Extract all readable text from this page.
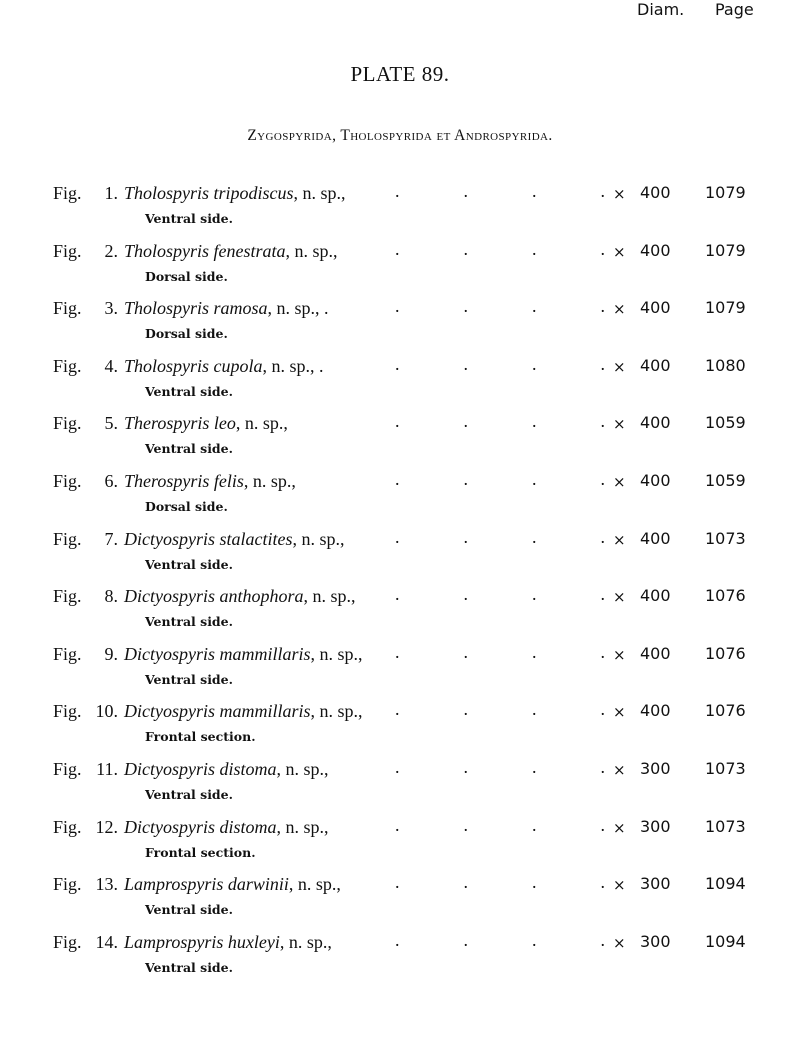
PLATE 89.
Zygospyrida, Tholospyrida et Androspyrida.
Diam. Page
Fig.	1. Tholospyris tripodiscus, n. sp.,	.	.	.	. × 400 1079
Ventral side.
Fig.	2. Tholospyris fenestrata, n. sp.,	.	.	.	. × 400 1079
Dorsal side.
Fig.	3. Tholospyris ramosa, n. sp., .	.	.	.	. × 400 1079
Dorsal side.
Fig.	4. Tholospyris cupola, n. sp., .	.	.	.	. × 400 1080
Ventral side.
Fig.	5. Therospyris leo, n. sp.,	.	.	.	. × 400 1059
Ventral side.
Fig.	6. Therospyris felis, n. sp.,	.	.	.	. × 400 1059
Dorsal side.
Fig.	7. Dictyospyris stalactites, n. sp.,	.	.	.	. × 400 1073
Ventral side.
Fig.	8. Dictyospyris anthophora, n. sp., .	.	.	. × 400 1076
Ventral side.
Fig.	9. Dictyospyris mammillaris, n. sp., .	.	.	. × 400 1076
Ventral side.
Fig. 10. Dictyospyris mammillaris, n. sp., .	.	.	. × 400 1076
Frontal section.
Fig. 11. Dictyospyris distoma, n. sp.,	.	.	.	. × 300 1073
Ventral side.
Fig. 12. Dictyospyris distoma, n. sp.,	.	.	.	. × 300 1073
Frontal section.
Fig. 13. Lamprospyris darwinii, n. sp.,	.	.	.	. × 300 1094
Ventral side.
Fig. 14. Lamprospyris huxleyi, n. sp.,	.	.	.	. × 300 1094
Ventral side.
